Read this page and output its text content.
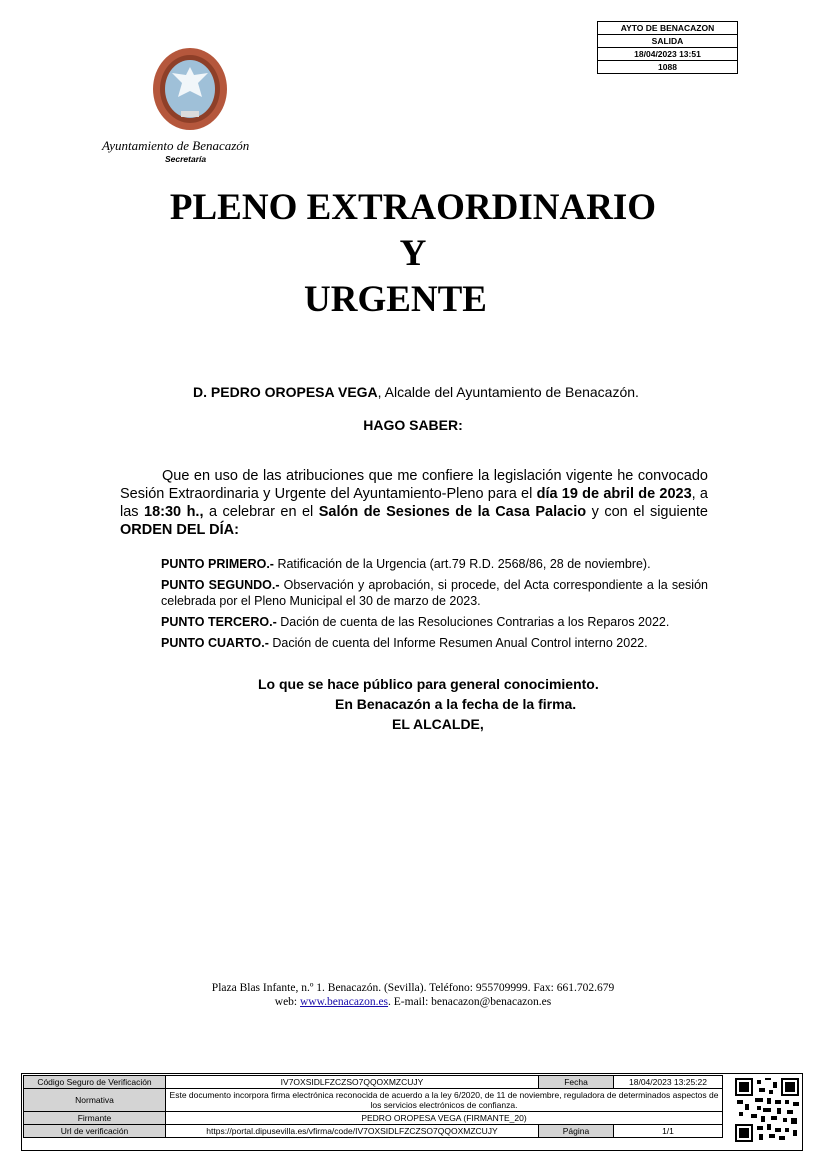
AYTO DE BENACAZON
SALIDA
18/04/2023 13:51
1088
Ayuntamiento de Benacazón
Secretaría
PLENO EXTRAORDINARIO
Y
URGENTE
D. PEDRO OROPESA VEGA, Alcalde del Ayuntamiento de Benacazón.
HAGO SABER:
Que en uso de las atribuciones que me confiere la legislación vigente he convocado Sesión Extraordinaria y Urgente del Ayuntamiento-Pleno para el día 19 de abril de 2023, a las 18:30 h., a celebrar en el Salón de Sesiones de la Casa Palacio y con el siguiente ORDEN DEL DÍA:

PUNTO PRIMERO.- Ratificación de la Urgencia (art.79 R.D. 2568/86, 28 de noviembre).

PUNTO SEGUNDO.- Observación y aprobación, si procede, del Acta correspondiente a la sesión celebrada por el Pleno Municipal el 30 de marzo de 2023.

PUNTO TERCERO.- Dación de cuenta de las Resoluciones Contrarias a los Reparos 2022.

PUNTO CUARTO.- Dación de cuenta del Informe Resumen Anual Control interno 2022.

Lo que se hace público para general conocimiento.
En Benacazón a la fecha de la firma.
EL ALCALDE,
Plaza Blas Infante, n.º 1. Benacazón. (Sevilla). Teléfono: 955709999. Fax: 661.702.679
web: www.benacazon.es. E-mail: benacazon@benacazon.es
Código Seguro de Verificación	IV7OXSIDLFZCZSO7QQOXMZCUJY	Fecha	18/04/2023 13:25:22
Normativa	Este documento incorpora firma electrónica reconocida de acuerdo a la ley 6/2020, de 11 de noviembre, reguladora de determinados aspectos de los servicios electrónicos de confianza.		
Firmante	PEDRO OROPESA VEGA (FIRMANTE_20)		
Url de verificación	https://portal.dipusevilla.es/vfirma/code/IV7OXSIDLFZCZSO7QQOXMZCUJY	Página	1/1
